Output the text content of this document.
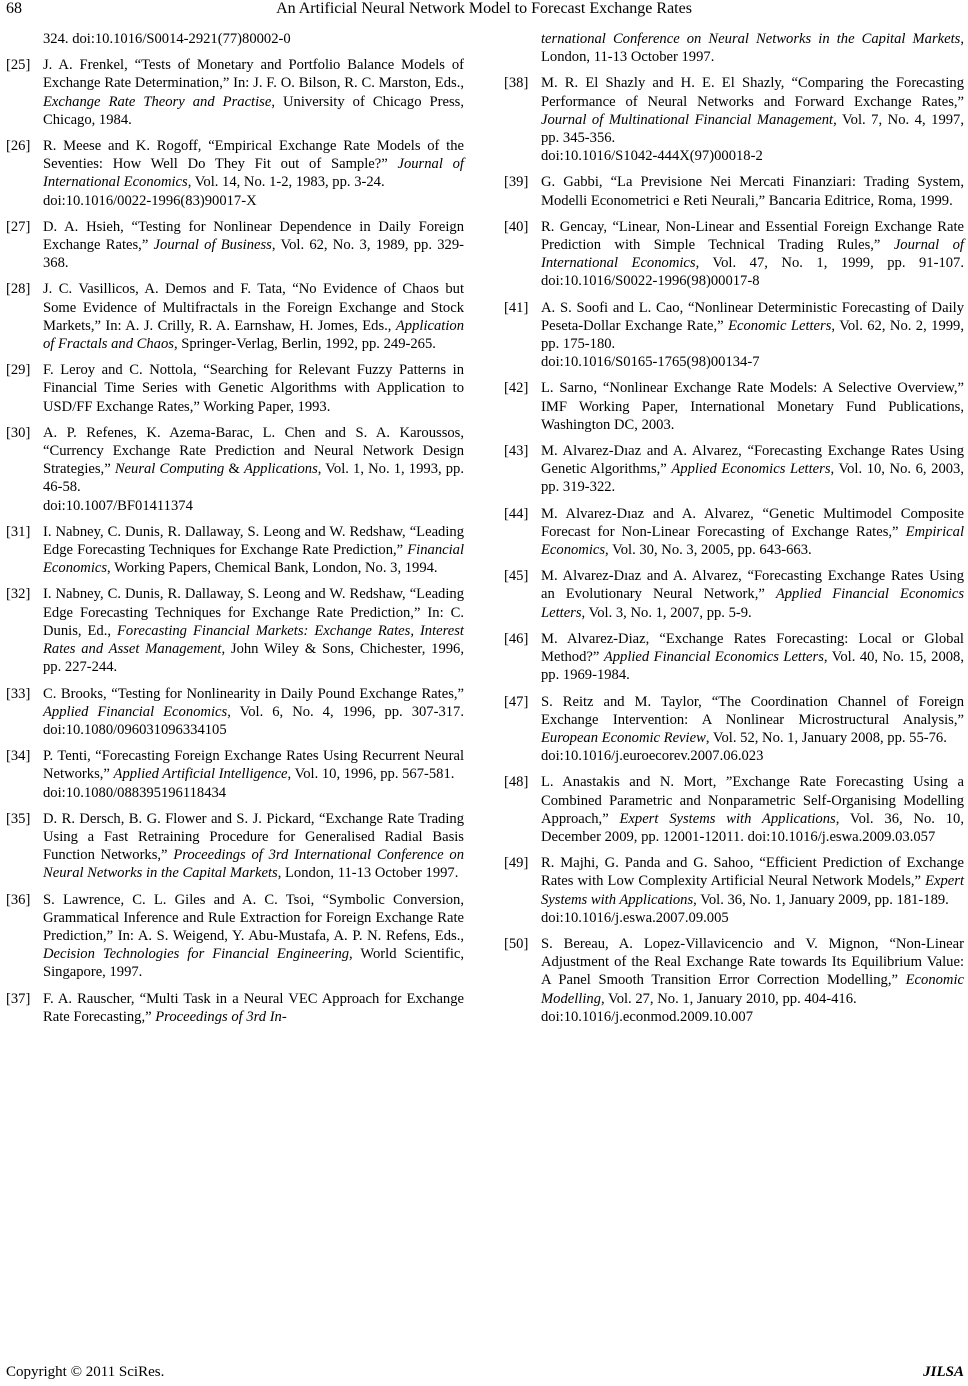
68	An Artificial Neural Network Model to Forecast Exchange Rates
324. doi:10.1016/S0014-2921(77)80002-0
[25] J. A. Frenkel, “Tests of Monetary and Portfolio Balance Models of Exchange Rate Determination,” In: J. F. O. Bilson, R. C. Marston, Eds., Exchange Rate Theory and Practise, University of Chicago Press, Chicago, 1984.
[26] R. Meese and K. Rogoff, “Empirical Exchange Rate Models of the Seventies: How Well Do They Fit out of Sample?” Journal of International Economics, Vol. 14, No. 1-2, 1983, pp. 3-24.
doi:10.1016/0022-1996(83)90017-X
[27] D. A. Hsieh, “Testing for Nonlinear Dependence in Daily Foreign Exchange Rates,” Journal of Business, Vol. 62, No. 3, 1989, pp. 329-368.
[28] J. C. Vasillicos, A. Demos and F. Tata, “No Evidence of Chaos but Some Evidence of Multifractals in the Foreign Exchange and Stock Markets,” In: A. J. Crilly, R. A. Earnshaw, H. Jomes, Eds., Application of Fractals and Chaos, Springer-Verlag, Berlin, 1992, pp. 249-265.
[29] F. Leroy and C. Nottola, “Searching for Relevant Fuzzy Patterns in Financial Time Series with Genetic Algorithms with Application to USD/FF Exchange Rates,” Working Paper, 1993.
[30] A. P. Refenes, K. Azema-Barac, L. Chen and S. A. Karoussos, “Currency Exchange Rate Prediction and Neural Network Design Strategies,” Neural Computing & Applications, Vol. 1, No. 1, 1993, pp. 46-58.
doi:10.1007/BF01411374
[31] I. Nabney, C. Dunis, R. Dallaway, S. Leong and W. Redshaw, “Leading Edge Forecasting Techniques for Exchange Rate Prediction,” Financial Economics, Working Papers, Chemical Bank, London, No. 3, 1994.
[32] I. Nabney, C. Dunis, R. Dallaway, S. Leong and W. Redshaw, “Leading Edge Forecasting Techniques for Exchange Rate Prediction,” In: C. Dunis, Ed., Forecasting Financial Markets: Exchange Rates, Interest Rates and Asset Management, John Wiley & Sons, Chichester, 1996, pp. 227-244.
[33] C. Brooks, “Testing for Nonlinearity in Daily Pound Exchange Rates,” Applied Financial Economics, Vol. 6, No. 4, 1996, pp. 307-317. doi:10.1080/096031096334105
[34] P. Tenti, “Forecasting Foreign Exchange Rates Using Recurrent Neural Networks,” Applied Artificial Intelligence, Vol. 10, 1996, pp. 567-581.
doi:10.1080/088395196118434
[35] D. R. Dersch, B. G. Flower and S. J. Pickard, “Exchange Rate Trading Using a Fast Retraining Procedure for Generalised Radial Basis Function Networks,” Proceedings of 3rd International Conference on Neural Networks in the Capital Markets, London, 11-13 October 1997.
[36] S. Lawrence, C. L. Giles and A. C. Tsoi, “Symbolic Conversion, Grammatical Inference and Rule Extraction for Foreign Exchange Rate Prediction,” In: A. S. Weigend, Y. Abu-Mustafa, A. P. N. Refens, Eds., Decision Technologies for Financial Engineering, World Scientific, Singapore, 1997.
[37] F. A. Rauscher, “Multi Task in a Neural VEC Approach for Exchange Rate Forecasting,” Proceedings of 3rd In-
ternational Conference on Neural Networks in the Capital Markets, London, 11-13 October 1997.
[38] M. R. El Shazly and H. E. El Shazly, “Comparing the Forecasting Performance of Neural Networks and Forward Exchange Rates,” Journal of Multinational Financial Management, Vol. 7, No. 4, 1997, pp. 345-356.
doi:10.1016/S1042-444X(97)00018-2
[39] G. Gabbi, “La Previsione Nei Mercati Finanziari: Trading System, Modelli Econometrici e Reti Neurali,” Bancaria Editrice, Roma, 1999.
[40] R. Gencay, “Linear, Non-Linear and Essential Foreign Exchange Rate Prediction with Simple Technical Trading Rules,” Journal of International Economics, Vol. 47, No. 1, 1999, pp. 91-107. doi:10.1016/S0022-1996(98)00017-8
[41] A. S. Soofi and L. Cao, “Nonlinear Deterministic Forecasting of Daily Peseta-Dollar Exchange Rate,” Economic Letters, Vol. 62, No. 2, 1999, pp. 175-180.
doi:10.1016/S0165-1765(98)00134-7
[42] L. Sarno, “Nonlinear Exchange Rate Models: A Selective Overview,” IMF Working Paper, International Monetary Fund Publications, Washington DC, 2003.
[43] M. Alvarez-Dıaz and A. Alvarez, “Forecasting Exchange Rates Using Genetic Algorithms,” Applied Economics Letters, Vol. 10, No. 6, 2003, pp. 319-322.
[44] M. Alvarez-Dıaz and A. Alvarez, “Genetic Multimodel Composite Forecast for Non-Linear Forecasting of Exchange Rates,” Empirical Economics, Vol. 30, No. 3, 2005, pp. 643-663.
[45] M. Alvarez-Dıaz and A. Alvarez, “Forecasting Exchange Rates Using an Evolutionary Neural Network,” Applied Financial Economics Letters, Vol. 3, No. 1, 2007, pp. 5-9.
[46] M. Alvarez-Diaz, “Exchange Rates Forecasting: Local or Global Method?” Applied Financial Economics Letters, Vol. 40, No. 15, 2008, pp. 1969-1984.
[47] S. Reitz and M. Taylor, “The Coordination Channel of Foreign Exchange Intervention: A Nonlinear Microstructural Analysis,” European Economic Review, Vol. 52, No. 1, January 2008, pp. 55-76.
doi:10.1016/j.euroecorev.2007.06.023
[48] L. Anastakis and N. Mort, ”Exchange Rate Forecasting Using a Combined Parametric and Nonparametric Self-Organising Modelling Approach,” Expert Systems with Applications, Vol. 36, No. 10, December 2009, pp. 12001-12011. doi:10.1016/j.eswa.2009.03.057
[49] R. Majhi, G. Panda and G. Sahoo, “Efficient Prediction of Exchange Rates with Low Complexity Artificial Neural Network Models,” Expert Systems with Applications, Vol. 36, No. 1, January 2009, pp. 181-189.
doi:10.1016/j.eswa.2007.09.005
[50] S. Bereau, A. Lopez-Villavicencio and V. Mignon, “Non-Linear Adjustment of the Real Exchange Rate towards Its Equilibrium Value: A Panel Smooth Transition Error Correction Modelling,” Economic Modelling, Vol. 27, No. 1, January 2010, pp. 404-416.
doi:10.1016/j.econmod.2009.10.007
Copyright © 2011 SciRes.	JILSA
